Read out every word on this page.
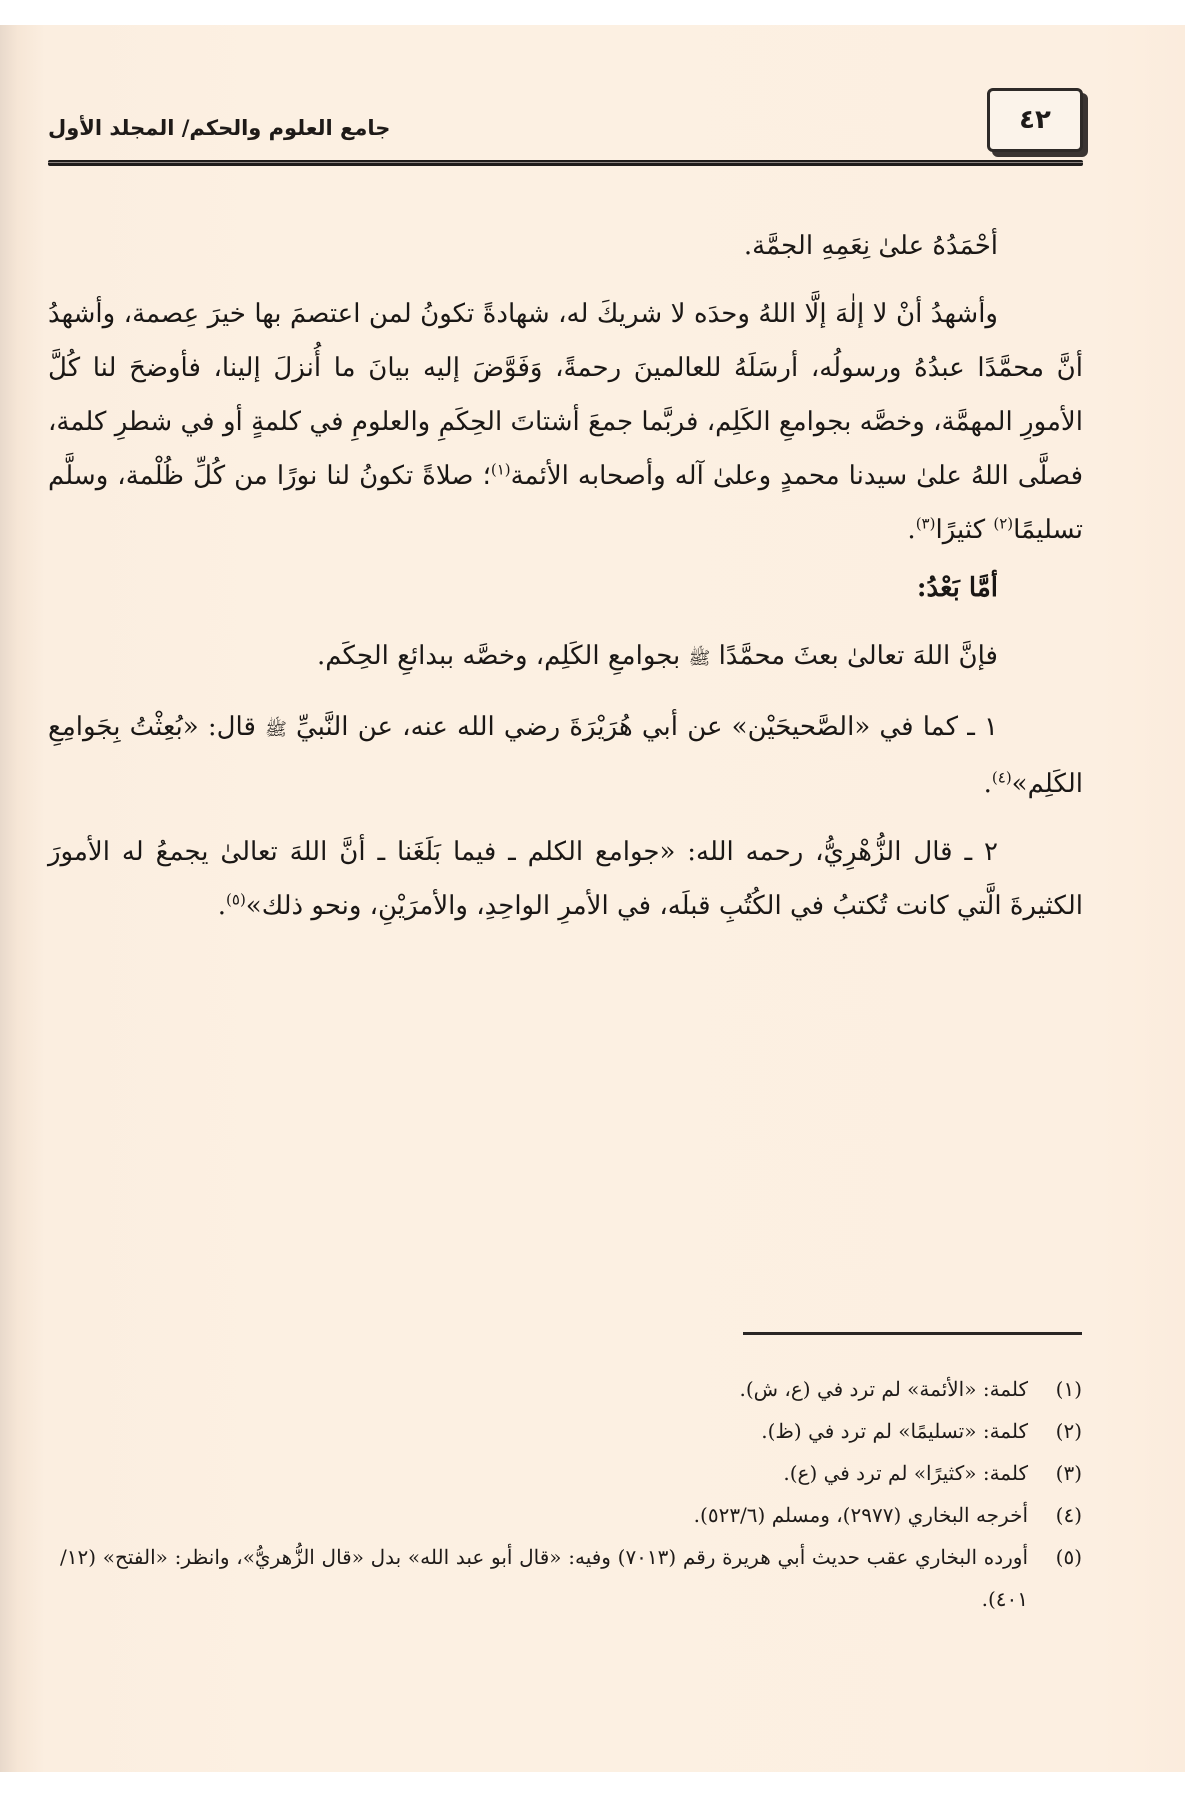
٤٢
جامع العلوم والحكم/ المجلد الأول

أحْمَدُهُ علىٰ نِعَمِهِ الجمَّة.

وأشهدُ أنْ لا إلٰهَ إلَّا اللهُ وحدَه لا شريكَ له، شهادةً تكونُ لمن اعتصمَ بها خيرَ عِصمة، وأشهدُ أنَّ محمَّدًا عبدُهُ ورسولُه، أرسَلَهُ للعالمينَ رحمةً، وَفَوَّضَ إليه بيانَ ما أُنزلَ إلينا، فأوضحَ لنا كُلَّ الأمورِ المهمَّة، وخصَّه بجوامعِ الكَلِم، فربَّما جمعَ أشتاتَ الحِكَمِ والعلومِ في كلمةٍ أو في شطرِ كلمة، فصلَّى اللهُ علىٰ سيدنا محمدٍ وعلىٰ آله وأصحابه الأئمة$^{(١)}$؛ صلاةً تكونُ لنا نورًا من كُلِّ ظُلْمة، وسلَّم تسليمًا$^{(٢)}$ كثيرًا$^{(٣)}$.

أمَّا بَعْدُ:

فإنَّ اللهَ تعالىٰ بعثَ محمَّدًا ﷺ بجوامعِ الكَلِم، وخصَّه ببدائعِ الحِكَم.

١ ـ كما في «الصَّحيحَيْن» عن أبي هُرَيْرَةَ رضي الله عنه، عن النَّبيِّ ﷺ قال: «بُعِثْتُ بِجَوامِعِ الكَلِم»$^{(٤)}$.

٢ ـ قال الزُّهْرِيُّ، رحمه الله: «جوامع الكلم ـ فيما بَلَغَنا ـ أنَّ اللهَ تعالىٰ يجمعُ له الأمورَ الكثيرةَ الَّتي كانت تُكتبُ في الكُتُبِ قبلَه، في الأمرِ الواحِدِ، والأمرَيْنِ، ونحو ذلك»$^{(٥)}$.

(١)
كلمة: «الأئمة» لم ترد في (ع، ش).

(٢)
كلمة: «تسليمًا» لم ترد في (ظ).

(٣)
كلمة: «كثيرًا» لم ترد في (ع).

(٤)
أخرجه البخاري (٢٩٧٧)، ومسلم (٥٢٣/٦).

(٥)
أورده البخاري عقب حديث أبي هريرة رقم (٧٠١٣) وفيه: «قال أبو عبد الله» بدل «قال الزُّهريُّ»، وانظر: «الفتح» (١٢/ ٤٠١).
